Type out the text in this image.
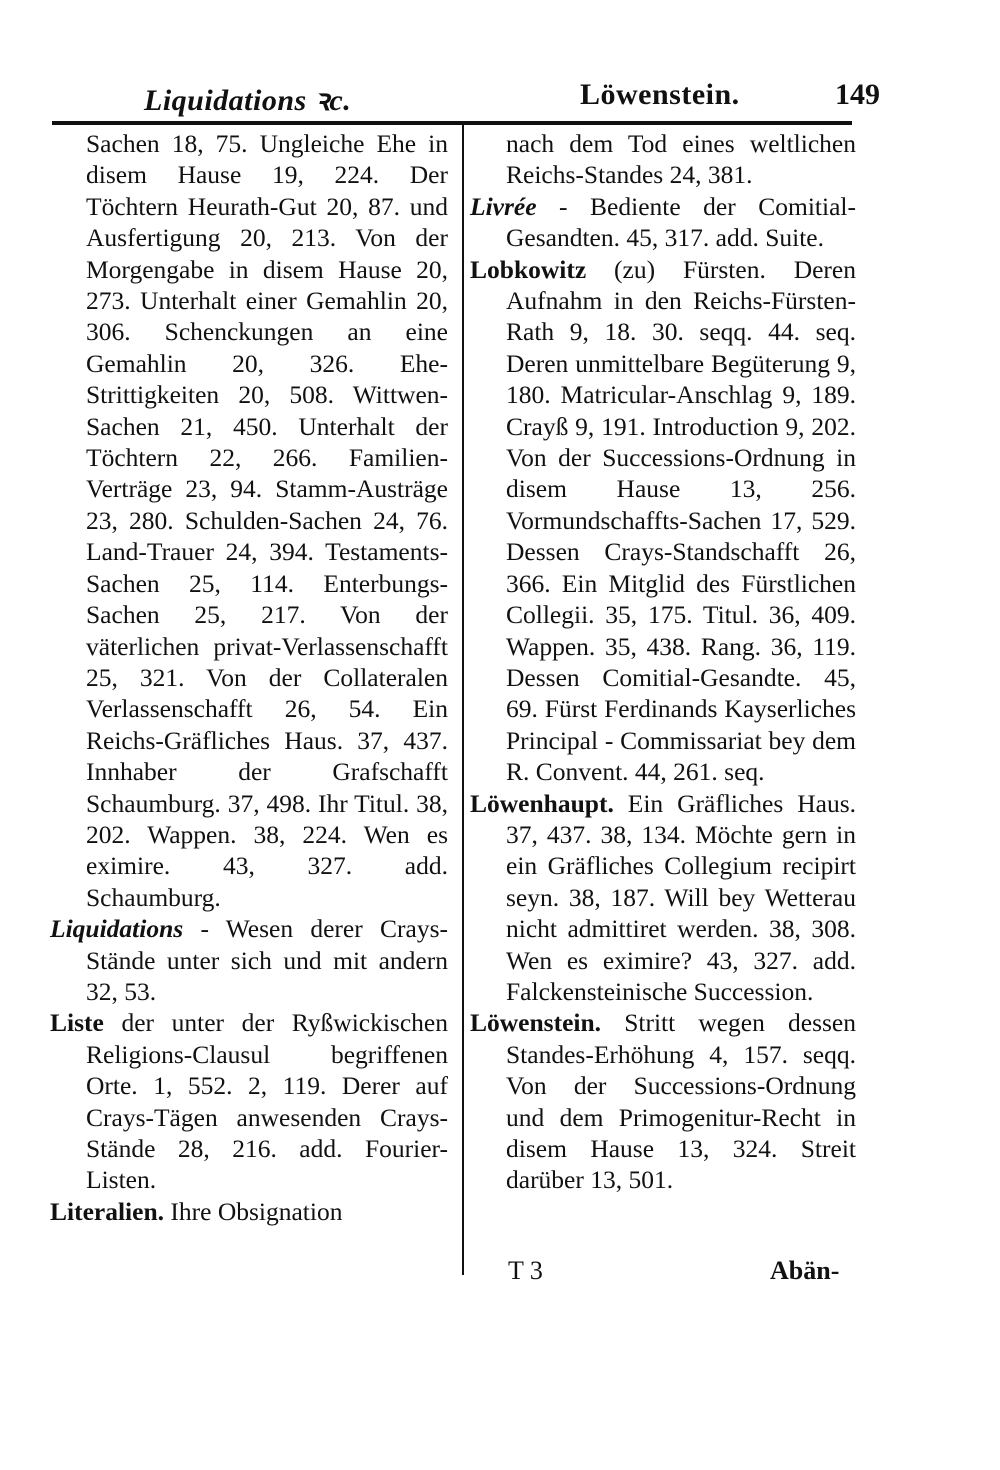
Liquidations ꝛc.	Löwenstein.	149

Sachen 18, 75. Ungleiche Ehe in disem Hause 19, 224. Der Töchtern Heurath-Gut 20, 87. und Ausfertigung 20, 213. Von der Morgengabe in disem Hause 20, 273. Unterhalt einer Gemahlin 20, 306. Schenckungen an eine Gemahlin 20, 326. Ehe-Strittigkeiten 20, 508. Wittwen-Sachen 21, 450. Unterhalt der Töchtern 22, 266. Familien-Verträge 23, 94. Stamm-Austräge 23, 280. Schulden-Sachen 24, 76. Land-Trauer 24, 394. Testaments-Sachen 25, 114. Enterbungs-Sachen 25, 217. Von der väterlichen privat-Verlassenschafft 25, 321. Von der Collateralen Verlassenschafft 26, 54. Ein Reichs-Gräfliches Haus. 37, 437. Innhaber der Grafschafft Schaumburg. 37, 498. Ihr Titul. 38, 202. Wappen. 38, 224. Wen es eximire. 43, 327. add. Schaumburg.

Liquidations - Wesen derer Crays-Stände unter sich und mit andern 32, 53.

Liste der unter der Ryßwickischen Religions-Clausul begriffenen Orte. 1, 552. 2, 119. Derer auf Crays-Tägen anwesenden Crays-Stände 28, 216. add. Fourier-Listen.

Literalien. Ihre Obsignation

nach dem Tod eines weltlichen Reichs-Standes 24, 381.

Livrée - Bediente der Comitial-Gesandten. 45, 317. add. Suite.

Lobkowitz (zu) Fürsten. Deren Aufnahm in den Reichs-Fürsten-Rath 9, 18. 30. seqq. 44. seq. Deren unmittelbare Begüterung 9, 180. Matricular-Anschlag 9, 189. Crayß 9, 191. Introduction 9, 202. Von der Successions-Ordnung in disem Hause 13, 256. Vormundschaffts-Sachen 17, 529. Dessen Crays-Standschafft 26, 366. Ein Mitglid des Fürstlichen Collegii. 35, 175. Titul. 36, 409. Wappen. 35, 438. Rang. 36, 119. Dessen Comitial-Gesandte. 45, 69. Fürst Ferdinands Kayserliches Principal - Commissariat bey dem R. Convent. 44, 261. seq.

Löwenhaupt. Ein Gräfliches Haus. 37, 437. 38, 134. Möchte gern in ein Gräfliches Collegium recipirt seyn. 38, 187. Will bey Wetterau nicht admittiret werden. 38, 308. Wen es eximire? 43, 327. add. Falckensteinische Succession.

Löwenstein. Stritt wegen dessen Standes-Erhöhung 4, 157. seqq. Von der Successions-Ordnung und dem Primogenitur-Recht in disem Hause 13, 324. Streit darüber 13, 501.

T 3	Abän-
